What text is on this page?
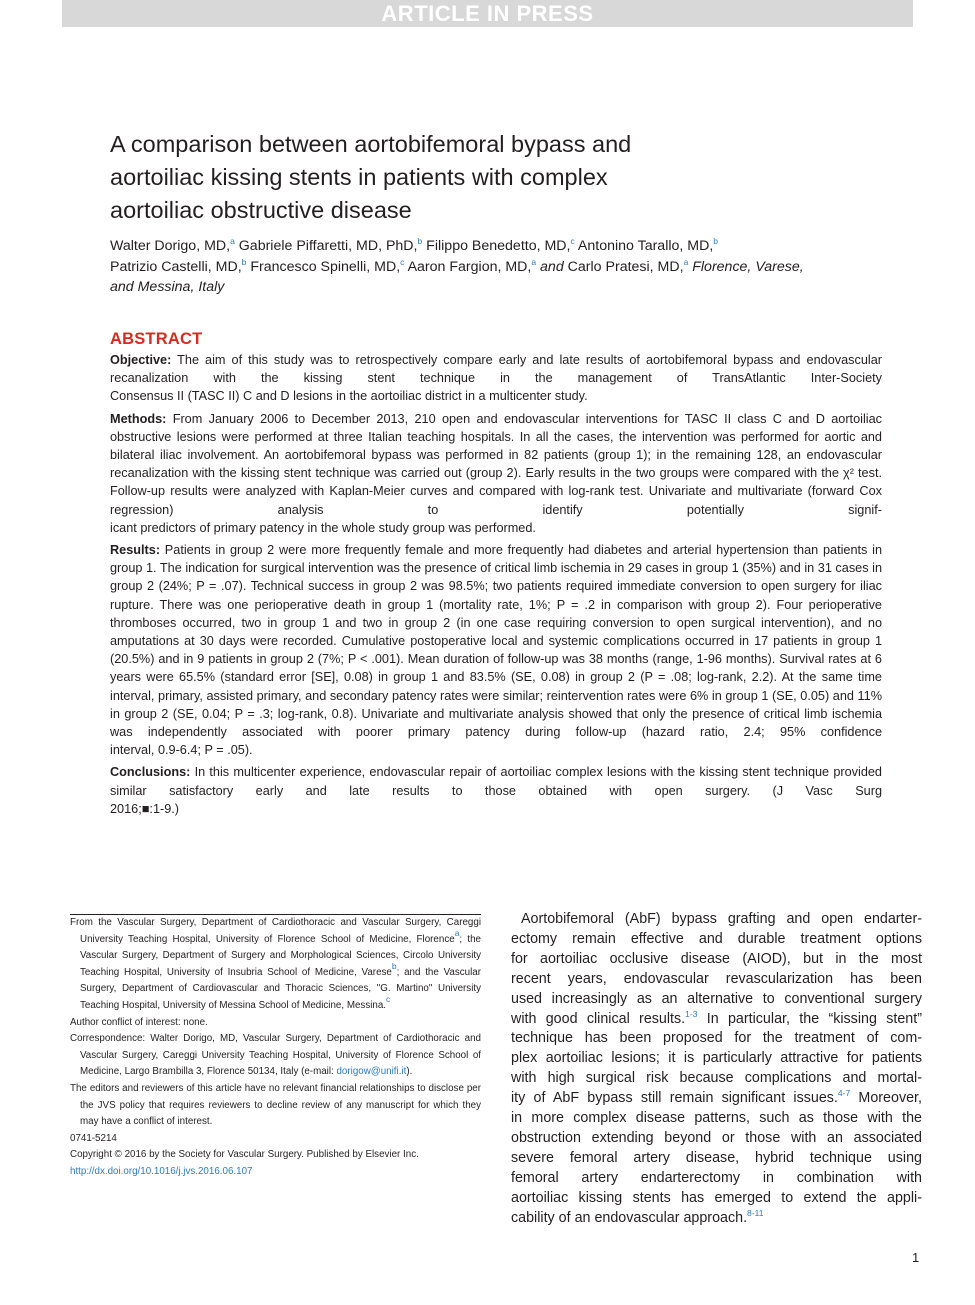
ARTICLE IN PRESS
A comparison between aortobifemoral bypass and
aortoiliac kissing stents in patients with complex
aortoiliac obstructive disease
Walter Dorigo, MD,$^a$ Gabriele Piffaretti, MD, PhD,$^b$ Filippo Benedetto, MD,$^c$ Antonino Tarallo, MD,$^b$
Patrizio Castelli, MD,$^b$ Francesco Spinelli, MD,$^c$ Aaron Fargion, MD,$^a$ and Carlo Pratesi, MD,$^a$ Florence, Varese,
and Messina, Italy
ABSTRACT

Objective: The aim of this study was to retrospectively compare early and late results of aortobifemoral bypass and endovascular recanalization with the kissing stent technique in the management of TransAtlantic Inter-Society
Consensus II (TASC II) C and D lesions in the aortoiliac district in a multicenter study.

Methods: From January 2006 to December 2013, 210 open and endovascular interventions for TASC II class C and D aortoiliac obstructive lesions were performed at three Italian teaching hospitals. In all the cases, the intervention was performed for aortic and bilateral iliac involvement. An aortobifemoral bypass was performed in 82 patients (group 1); in the remaining 128, an endovascular recanalization with the kissing stent technique was carried out (group 2). Early results in the two groups were compared with the χ² test. Follow-up results were analyzed with Kaplan-Meier curves and compared with log-rank test. Univariate and multivariate (forward Cox regression) analysis to identify potentially signif-
icant predictors of primary patency in the whole study group was performed.

Results: Patients in group 2 were more frequently female and more frequently had diabetes and arterial hypertension than patients in group 1. The indication for surgical intervention was the presence of critical limb ischemia in 29 cases in group 1 (35%) and in 31 cases in group 2 (24%; P = .07). Technical success in group 2 was 98.5%; two patients required immediate conversion to open surgery for iliac rupture. There was one perioperative death in group 1 (mortality rate, 1%; P = .2 in comparison with group 2). Four perioperative thromboses occurred, two in group 1 and two in group 2 (in one case requiring conversion to open surgical intervention), and no amputations at 30 days were recorded. Cumulative postoperative local and systemic complications occurred in 17 patients in group 1 (20.5%) and in 9 patients in group 2 (7%; P < .001). Mean duration of follow-up was 38 months (range, 1-96 months). Survival rates at 6 years were 65.5% (standard error [SE], 0.08) in group 1 and 83.5% (SE, 0.08) in group 2 (P = .08; log-rank, 2.2). At the same time interval, primary, assisted primary, and secondary patency rates were similar; reintervention rates were 6% in group 1 (SE, 0.05) and 11% in group 2 (SE, 0.04; P = .3; log-rank, 0.8). Univariate and multivariate analysis showed that only the presence of critical limb ischemia was independently associated with poorer primary patency during follow-up (hazard ratio, 2.4; 95% confidence
interval, 0.9-6.4; P = .05).

Conclusions: In this multicenter experience, endovascular repair of aortoiliac complex lesions with the kissing stent technique provided similar satisfactory early and late results to those obtained with open surgery. (J Vasc Surg
2016;■:1-9.)

From the Vascular Surgery, Department of Cardiothoracic and Vascular Surgery, Careggi University Teaching Hospital, University of Florence School of Medicine, Florence$^a$; the Vascular Surgery, Department of Surgery and Morphological Sciences, Circolo University Teaching Hospital, University of Insubria School of Medicine, Varese$^b$; and the Vascular Surgery, Department of Cardiovascular and Thoracic Sciences, "G. Martino" University Teaching Hospital, University of Messina School of Medicine, Messina.$^c$

Author conflict of interest: none.

Correspondence: Walter Dorigo, MD, Vascular Surgery, Department of Cardiothoracic and Vascular Surgery, Careggi University Teaching Hospital, University of Florence School of Medicine, Largo Brambilla 3, Florence 50134, Italy (e-mail: dorigow@unifi.it).

The editors and reviewers of this article have no relevant financial relationships to disclose per the JVS policy that requires reviewers to decline review of any manuscript for which they may have a conflict of interest.

0741-5214

Copyright © 2016 by the Society for Vascular Surgery. Published by Elsevier Inc.

http://dx.doi.org/10.1016/j.jvs.2016.06.107

Aortobifemoral (AbF) bypass grafting and open endarter-
ectomy remain effective and durable treatment options
for aortoiliac occlusive disease (AIOD), but in the most
recent years, endovascular revascularization has been
used increasingly as an alternative to conventional surgery
with good clinical results.$^{1-3}$ In particular, the “kissing stent”
technique has been proposed for the treatment of com-
plex aortoiliac lesions; it is particularly attractive for patients
with high surgical risk because complications and mortal-
ity of AbF bypass still remain significant issues.$^{4-7}$ Moreover,
in more complex disease patterns, such as those with the
obstruction extending beyond or those with an associated
severe femoral artery disease, hybrid technique using
femoral artery endarterectomy in combination with
aortoiliac kissing stents has emerged to extend the appli-
cability of an endovascular approach.$^{8-11}$
1
